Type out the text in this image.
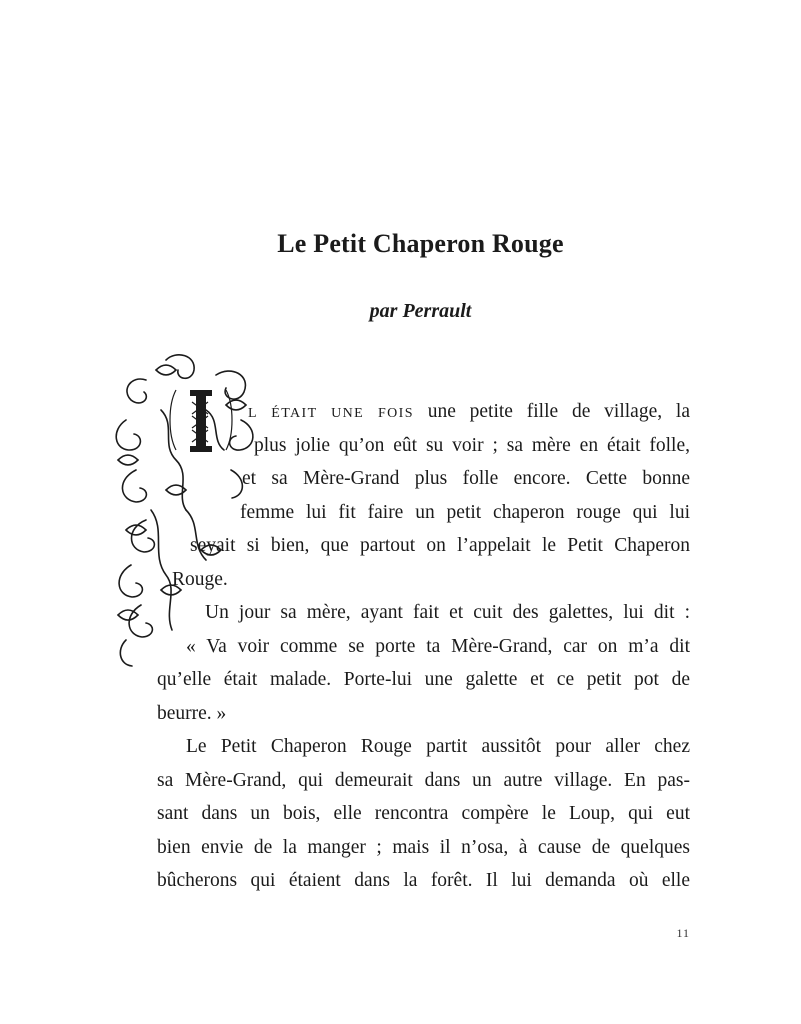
Le Petit Chaperon Rouge
par Perrault
L ÉTAIT UNE FOIS une petite fille de village, la
plus jolie qu’on eût su voir ; sa mère en était folle,
et sa Mère-Grand plus folle encore. Cette bonne
femme lui fit faire un petit chaperon rouge qui lui
seyait si bien, que partout on l’appelait le Petit Chaperon
Rouge.
Un jour sa mère, ayant fait et cuit des galettes, lui dit :
« Va voir comme se porte ta Mère-Grand, car on m’a dit
qu’elle était malade. Porte-lui une galette et ce petit pot de
beurre. »
Le Petit Chaperon Rouge partit aussitôt pour aller chez
sa Mère-Grand, qui demeurait dans un autre village. En pas-
sant dans un bois, elle rencontra compère le Loup, qui eut
bien envie de la manger ; mais il n’osa, à cause de quelques
bûcherons qui étaient dans la forêt. Il lui demanda où elle
11
